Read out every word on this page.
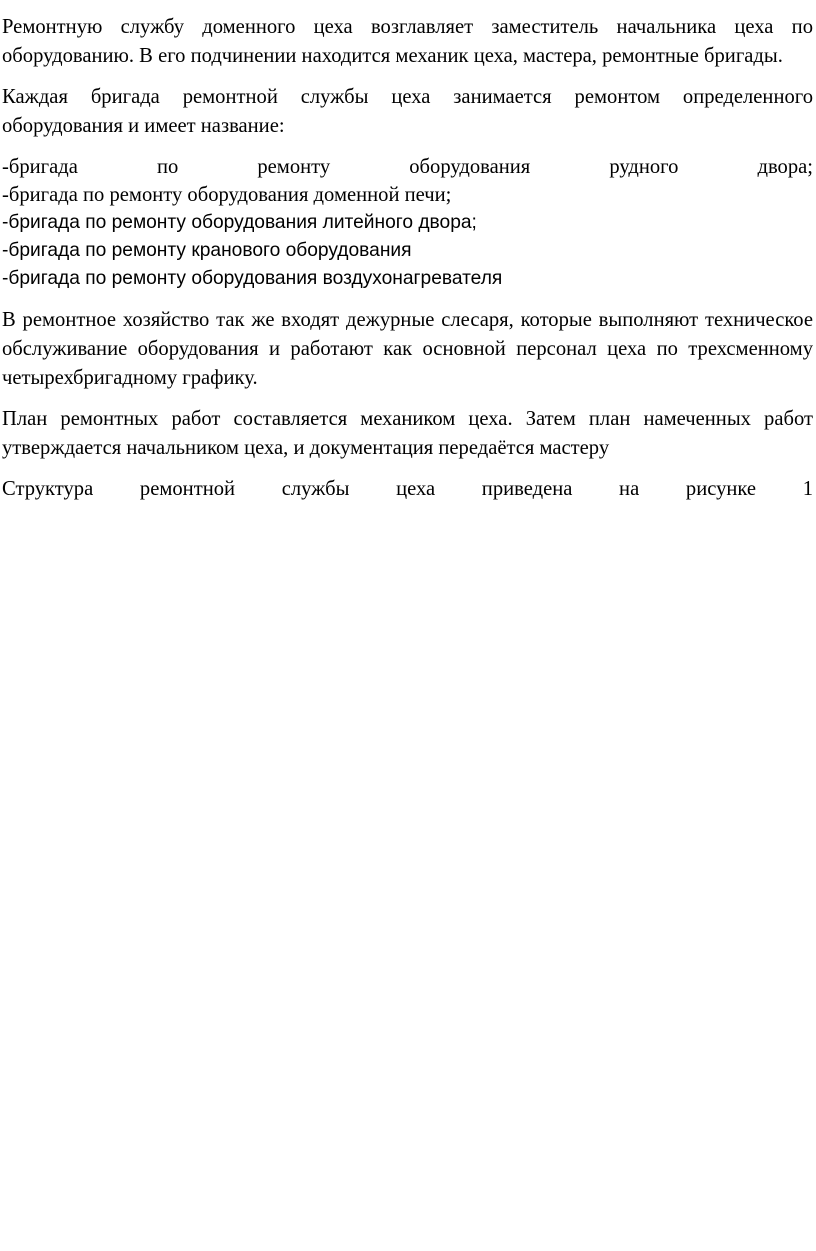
Ремонтную службу доменного цеха возглавляет заместитель начальника цеха по оборудованию. В его подчинении находится механик цеха, мастера, ремонтные бригады.

Каждая бригада ремонтной службы цеха занимается ремонтом определенного оборудования и имеет название:

-бригада по ремонту оборудования рудного двора;
-бригада по ремонту оборудования доменной печи;
-бригада по ремонту оборудования литейного двора;
-бригада по ремонту кранового оборудования
-бригада по ремонту оборудования воздухонагревателя

В ремонтное хозяйство так же входят дежурные слесаря, которые выполняют техническое обслуживание оборудования и работают как основной персонал цеха по трехсменному четырехбригадному графику.

План ремонтных работ составляется механиком цеха. Затем план намеченных работ утверждается начальником цеха, и документация передаётся мастеру

Структура ремонтной службы цеха приведена на рисунке 1
